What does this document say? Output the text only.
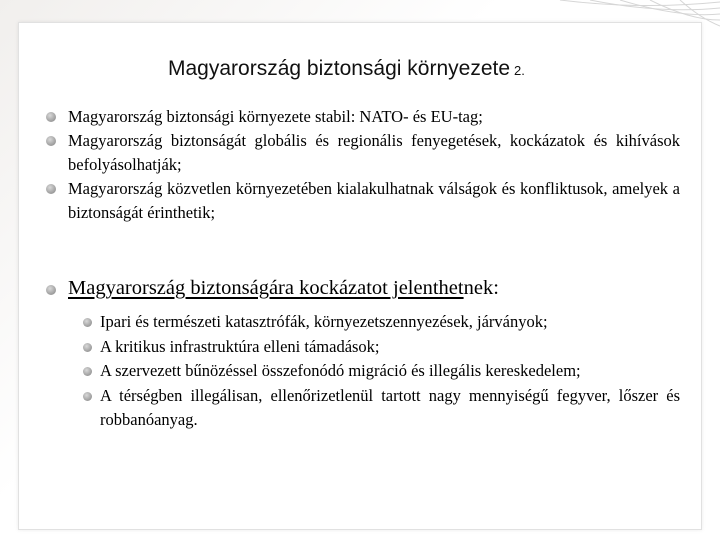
Magyarország biztonsági környezete 2.
Magyarország biztonsági környezete stabil: NATO- és EU-tag;
Magyarország biztonságát globális és regionális fenyegetések, kockázatok és kihívások befolyásolhatják;
Magyarország közvetlen környezetében kialakulhatnak válságok és konfliktusok, amelyek a biztonságát érinthetik;
Magyarország biztonságára kockázatot jelenthetnek:
Ipari és természeti katasztrófák, környezetszennyezések, járványok;
A kritikus infrastruktúra elleni támadások;
A szervezett bűnözéssel összefonódó migráció és illegális kereskedelem;
A térségben illegálisan, ellenőrizetlenül tartott nagy mennyiségű fegyver, lőszer és robbanóanyag.
